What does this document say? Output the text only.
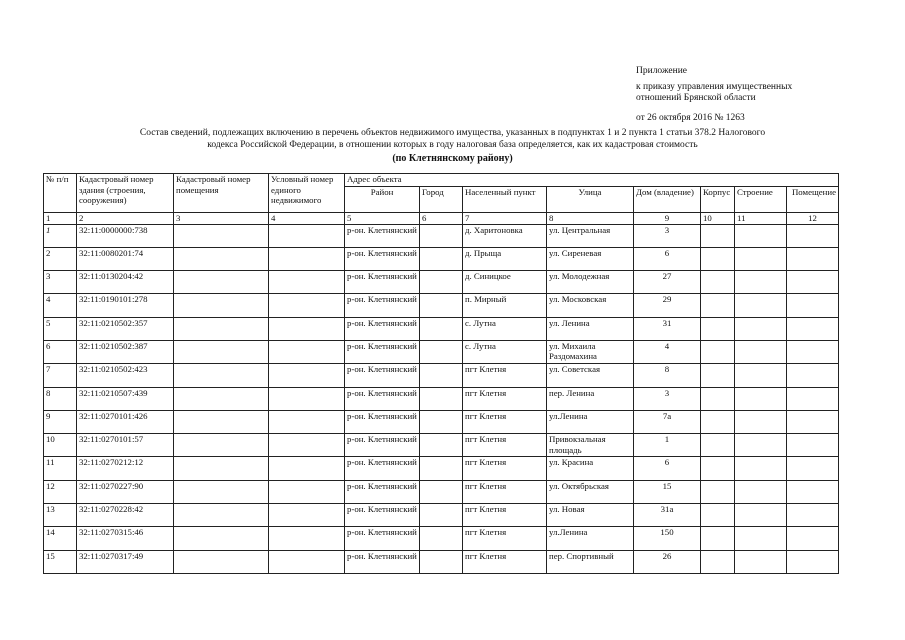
Приложение
к приказу управления имущественных
отношений Брянской области
от 26 октября 2016 № 1263
Состав сведений, подлежащих включению в перечень объектов недвижимого имущества, указанных в подпунктах 1 и 2 пункта 1 статьи 378.2 Налогового
кодекса Российской Федерации, в отношении которых в году налоговая база определяется, как их кадастровая стоимость
(по Клетнянскому району)
№ п/п	Кадастровый номер здания (строения, сооружения)	Кадастровый номер помещения	Условный номер единого недвижимого	Адрес объекта							
				Район	Город	Населенный пункт	Улица	Дом (владение)	Корпус	Строение	Помещение
1	2	3	4	5	6	7	8	9	10	11	12
1	32:11:0000000:738			р-он. Клетнянский		д. Харитоновка	ул. Центральная	3			
2	32:11:0080201:74			р-он. Клетнянский		д. Прыща	ул. Сиреневая	6			
3	32:11:0130204:42			р-он. Клетнянский		д. Синицкое	ул. Молодежная	27			
4	32:11:0190101:278			р-он. Клетнянский		п. Мирный	ул. Московская	29			
5	32:11:0210502:357			р-он. Клетнянский		с. Лутна	ул. Ленина	31			
6	32:11:0210502:387			р-он. Клетнянский		с. Лутна	ул. Михаила Раздомахина	4			
7	32:11:0210502:423			р-он. Клетнянский		пгт Клетня	ул. Советская	8			
8	32:11:0210507:439			р-он. Клетнянский		пгт Клетня	пер. Ленина	3			
9	32:11:0270101:426			р-он. Клетнянский		пгт Клетня	ул.Ленина	7а			
10	32:11:0270101:57			р-он. Клетнянский		пгт Клетня	Привокзальная площадь	1			
11	32:11:0270212:12			р-он. Клетнянский		пгт Клетня	ул. Красина	6			
12	32:11:0270227:90			р-он. Клетнянский		пгт Клетня	ул. Октябрьская	15			
13	32:11:0270228:42			р-он. Клетнянский		пгт Клетня	ул. Новая	31а			
14	32:11:0270315:46			р-он. Клетнянский		пгт Клетня	ул.Ленина	150			
15	32:11:0270317:49			р-он. Клетнянский		пгт Клетня	пер. Спортивный	26			
